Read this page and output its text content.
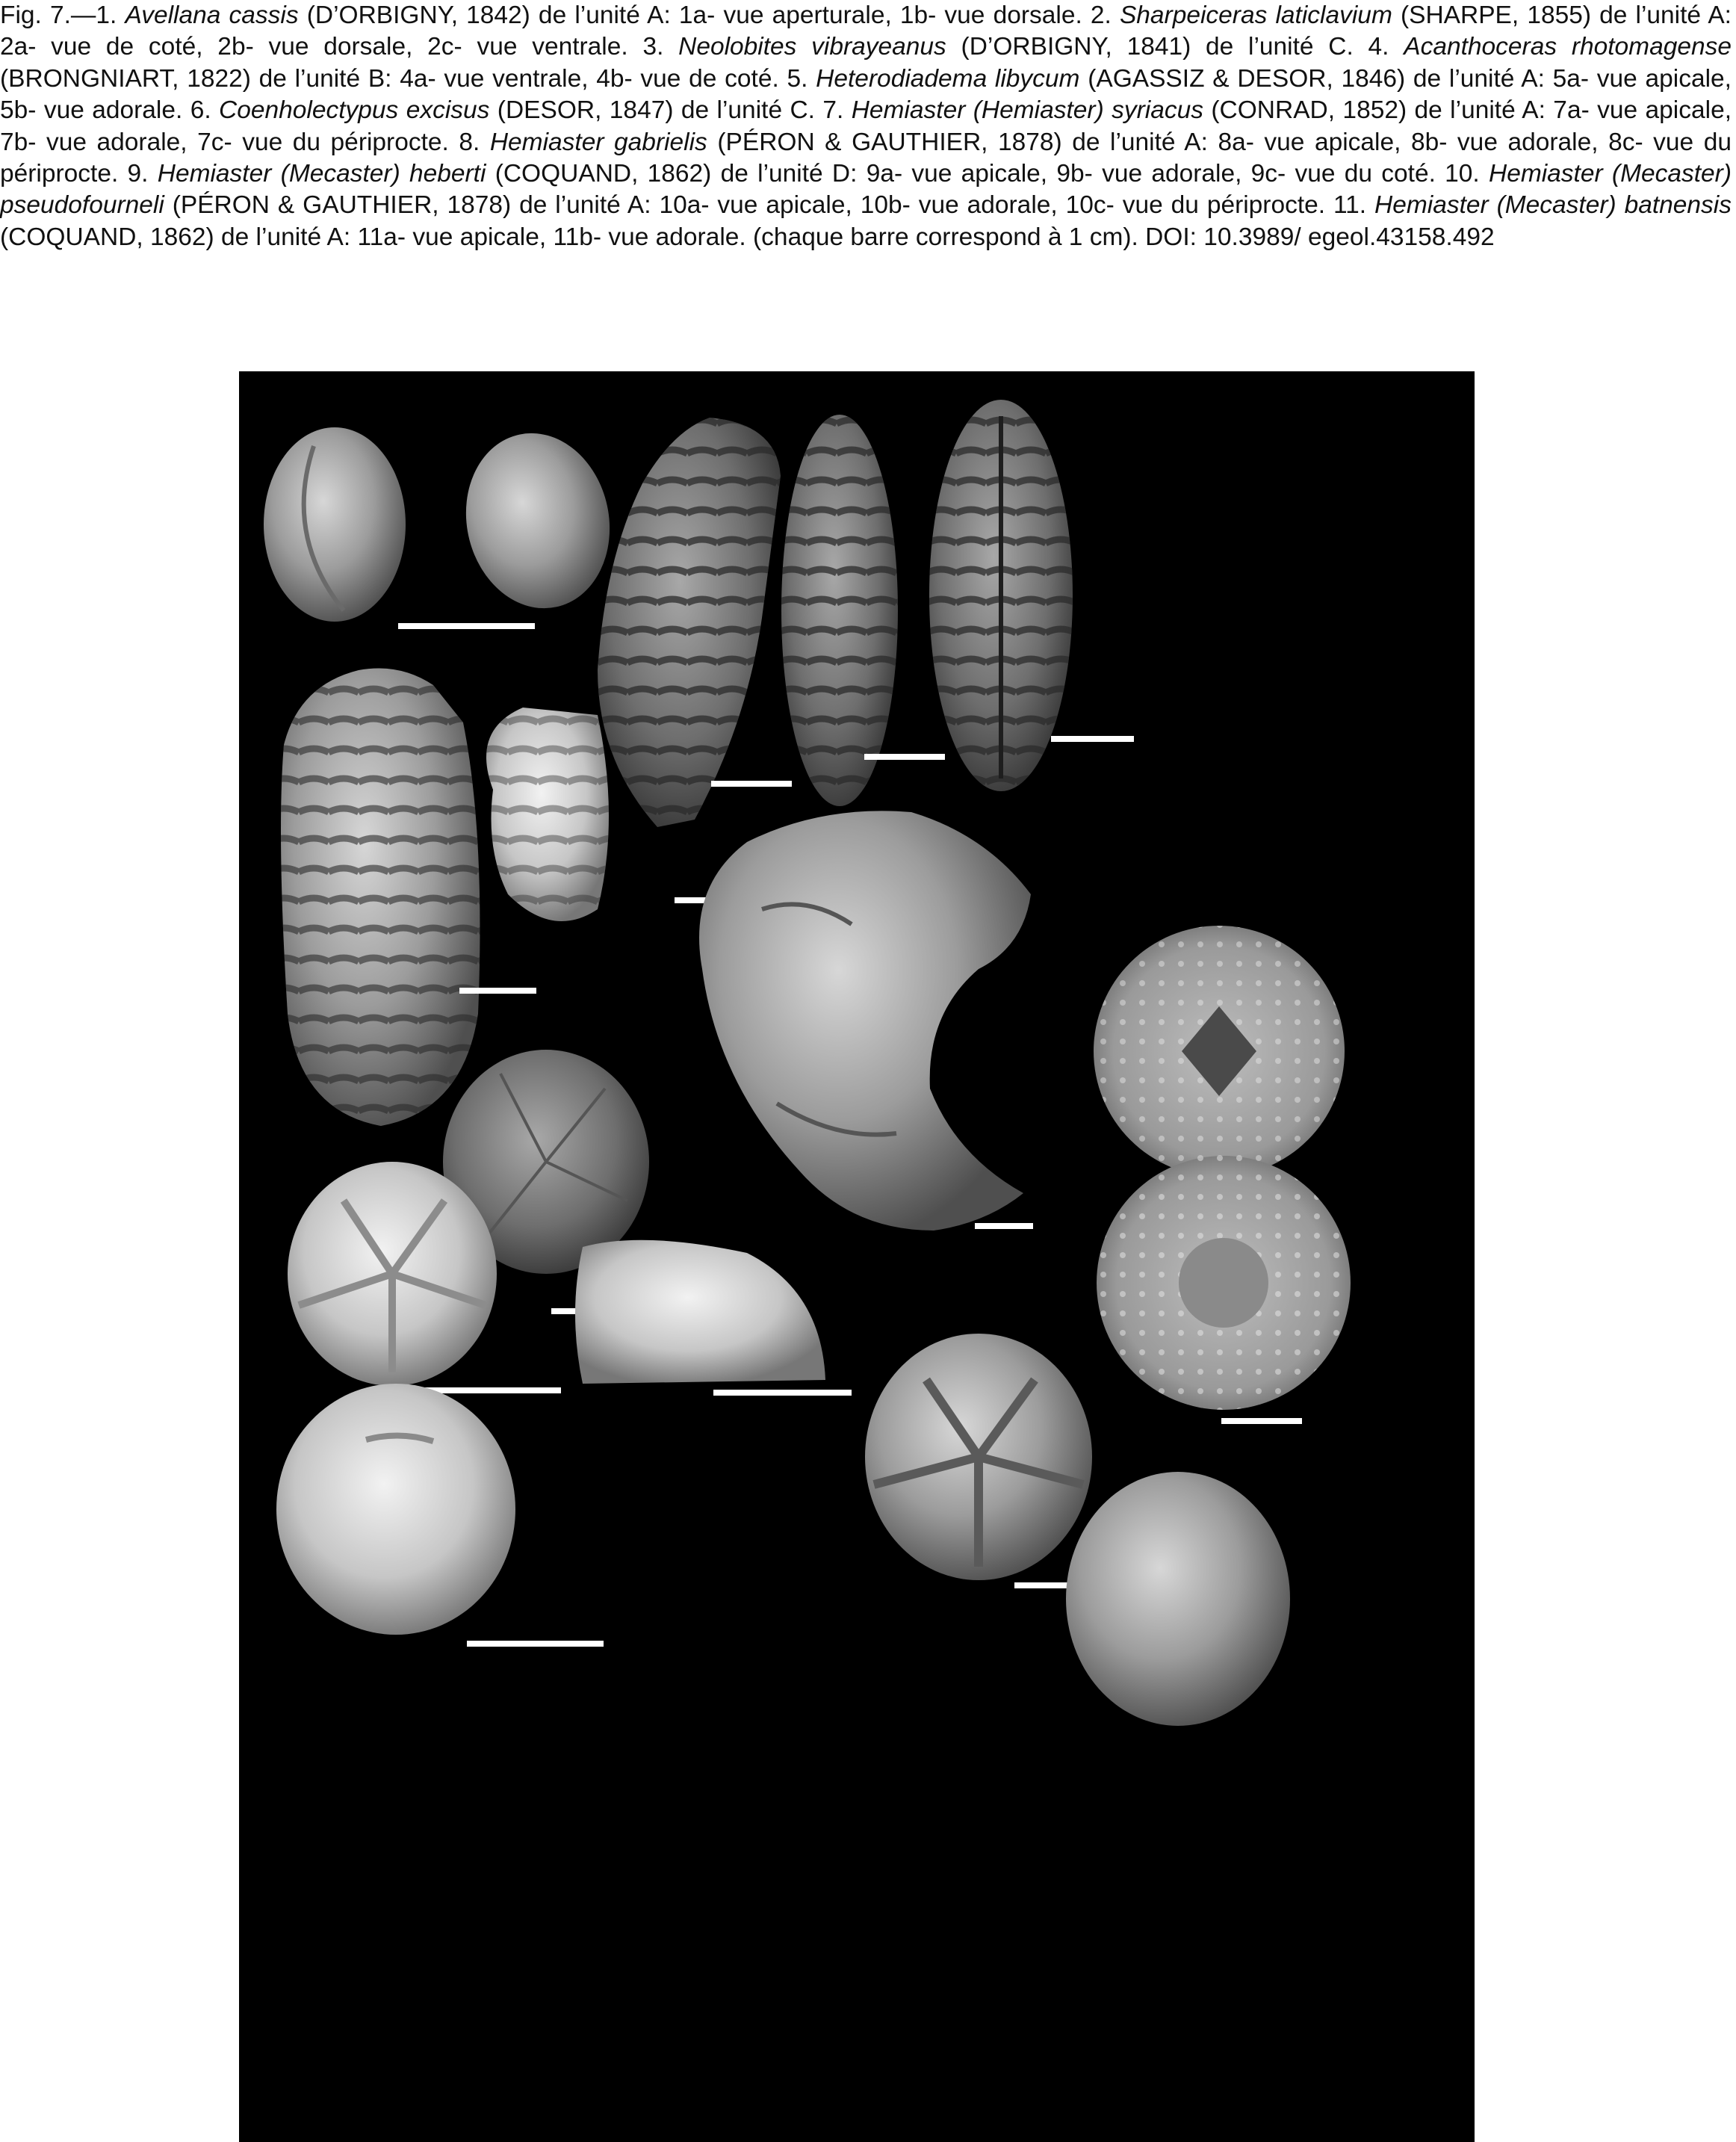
Fig. 7.—1. Avellana cassis (D’ORBIGNY, 1842) de l’unité A: 1a- vue aperturale, 1b- vue dorsale. 2. Sharpeiceras laticlavium (SHARPE, 1855) de l’unité A: 2a- vue de coté, 2b- vue dorsale, 2c- vue ventrale. 3. Neolobites vibrayeanus (D’ORBIGNY, 1841) de l’unité C. 4. Acanthoceras rhotomagense (BRONGNIART, 1822) de l’unité B: 4a- vue ventrale, 4b- vue de coté. 5. Heterodiadema libycum (AGASSIZ & DESOR, 1846) de l’unité A: 5a- vue apicale, 5b- vue adorale. 6. Coenholectypus excisus (DESOR, 1847) de l’unité C. 7. Hemiaster (Hemiaster) syriacus (CONRAD, 1852) de l’unité A: 7a- vue apicale, 7b- vue adorale, 7c- vue du périprocte. 8. Hemiaster gabrielis (PÉRON & GAUTHIER, 1878) de l’unité A: 8a- vue apicale, 8b- vue adorale, 8c- vue du périprocte. 9. Hemiaster (Mecaster) heberti (COQUAND, 1862) de l’unité D: 9a- vue apicale, 9b- vue adorale, 9c- vue du coté. 10. Hemiaster (Mecaster) pseudofourneli (PÉRON & GAUTHIER, 1878) de l’unité A: 10a- vue apicale, 10b- vue adorale, 10c- vue du périprocte. 11. Hemiaster (Mecaster) batnensis (COQUAND, 1862) de l’unité A: 11a- vue apicale, 11b- vue adorale. (chaque barre correspond à 1 cm). DOI: 10.3989/ egeol.43158.492
